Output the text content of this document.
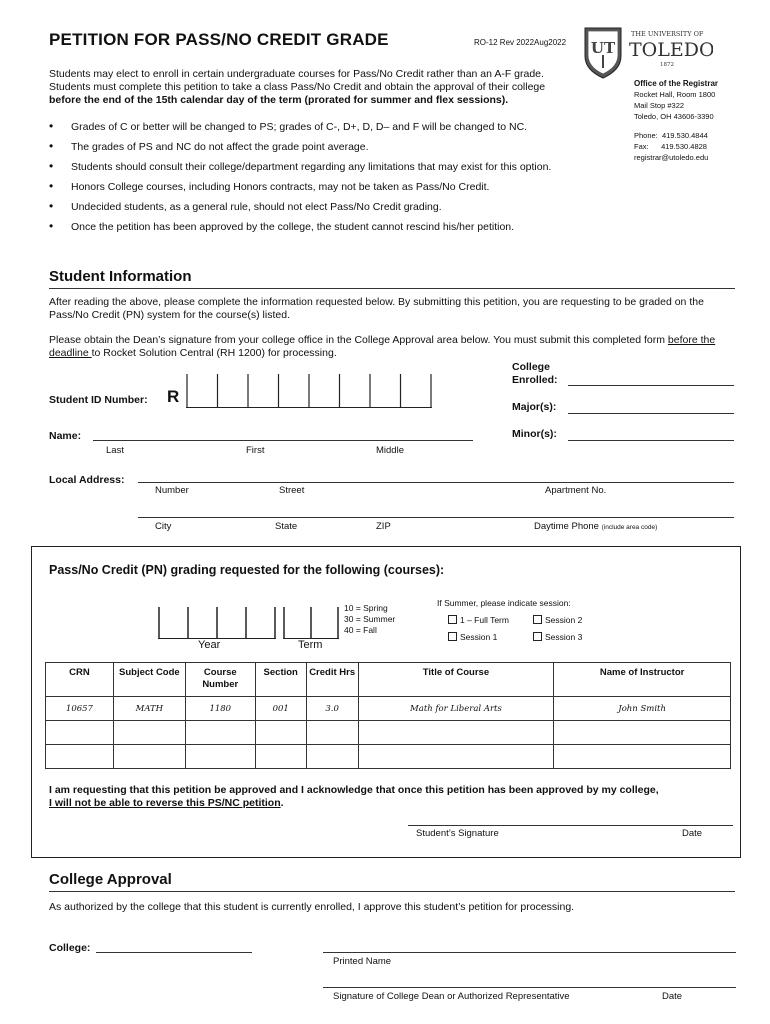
PETITION FOR PASS/NO CREDIT GRADE	RO-12 Rev 2022Aug2022 UT
THE UNIVERSITY OF
TOLEDO
1872
Office of the Registrar
Rocket Hall, Room 1800
Mail Stop #322
Toledo, OH 43606-3390
Phone:  419.530.4844
Fax:      419.530.4828
registrar@utoledo.edu
Students may elect to enroll in certain undergraduate courses for Pass/No Credit rather than an A-F grade. Students must complete this petition to take a class Pass/No Credit and obtain the approval of their college before the end of the 15th calendar day of the term (prorated for summer and flex sessions).
• Grades of C or better will be changed to PS; grades of C-, D+, D, D– and F will be changed to NC.
• The grades of PS and NC do not affect the grade point average.
• Students should consult their college/department regarding any limitations that may exist for this option.
• Honors College courses, including Honors contracts, may not be taken as Pass/No Credit.
• Undecided students, as a general rule, should not elect Pass/No Credit grading.
• Once the petition has been approved by the college, the student cannot rescind his/her petition.
Student Information
After reading the above, please complete the information requested below. By submitting this petition, you are requesting to be graded on the Pass/No Credit (PN) system for the course(s) listed.
Please obtain the Dean’s signature from your college office in the College Approval area below. You must submit this completed form before the deadline to Rocket Solution Central (RH 1200) for processing.
Student ID Number: R
College
Enrolled:
Major(s):
Minor(s):
Name:
Last	First	Middle
Local Address:
Number	Street	Apartment No.
City	State	ZIP	Daytime Phone (include area code)
Pass/No Credit (PN) grading requested for the following (courses):
Year	Term
10 = Spring
30 = Summer
40 = Fall
If Summer, please indicate session:
1 – Full Term	Session 2
Session 1	Session 3
CRN	Subject Code	Course Number	Section	Credit Hrs	Title of Course	Name of Instructor
10657	MATH	1180	001	3.0	Math for Liberal Arts	John Smith

I am requesting that this petition be approved and I acknowledge that once this petition has been approved by my college,
I will not be able to reverse this PS/NC petition.
Student’s Signature	Date
College Approval
As authorized by the college that this student is currently enrolled, I approve this student’s petition for processing.
College:
Printed Name
Signature of College Dean or Authorized Representative	Date
